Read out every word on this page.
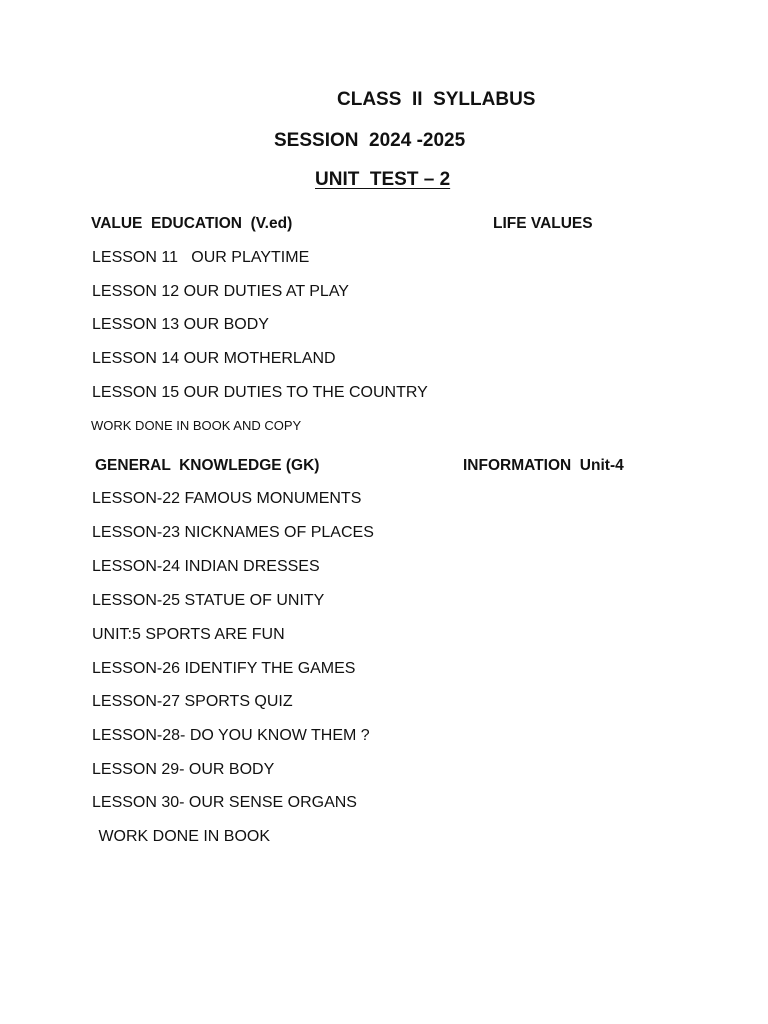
CLASS  II  SYLLABUS
SESSION  2024 -2025
UNIT  TEST – 2
VALUE  EDUCATION  (V.ed)	LIFE VALUES
LESSON 11   OUR PLAYTIME
LESSON 12 OUR DUTIES AT PLAY
LESSON 13 OUR BODY
LESSON 14 OUR MOTHERLAND
LESSON 15 OUR DUTIES TO THE COUNTRY
WORK DONE IN BOOK AND COPY
GENERAL  KNOWLEDGE (GK)	INFORMATION  Unit-4
LESSON-22 FAMOUS MONUMENTS
LESSON-23 NICKNAMES OF PLACES
LESSON-24 INDIAN DRESSES
LESSON-25 STATUE OF UNITY
UNIT:5 SPORTS ARE FUN
LESSON-26 IDENTIFY THE GAMES
LESSON-27 SPORTS QUIZ
LESSON-28- DO YOU KNOW THEM ?
LESSON 29- OUR BODY
LESSON 30- OUR SENSE ORGANS
WORK DONE IN BOOK
